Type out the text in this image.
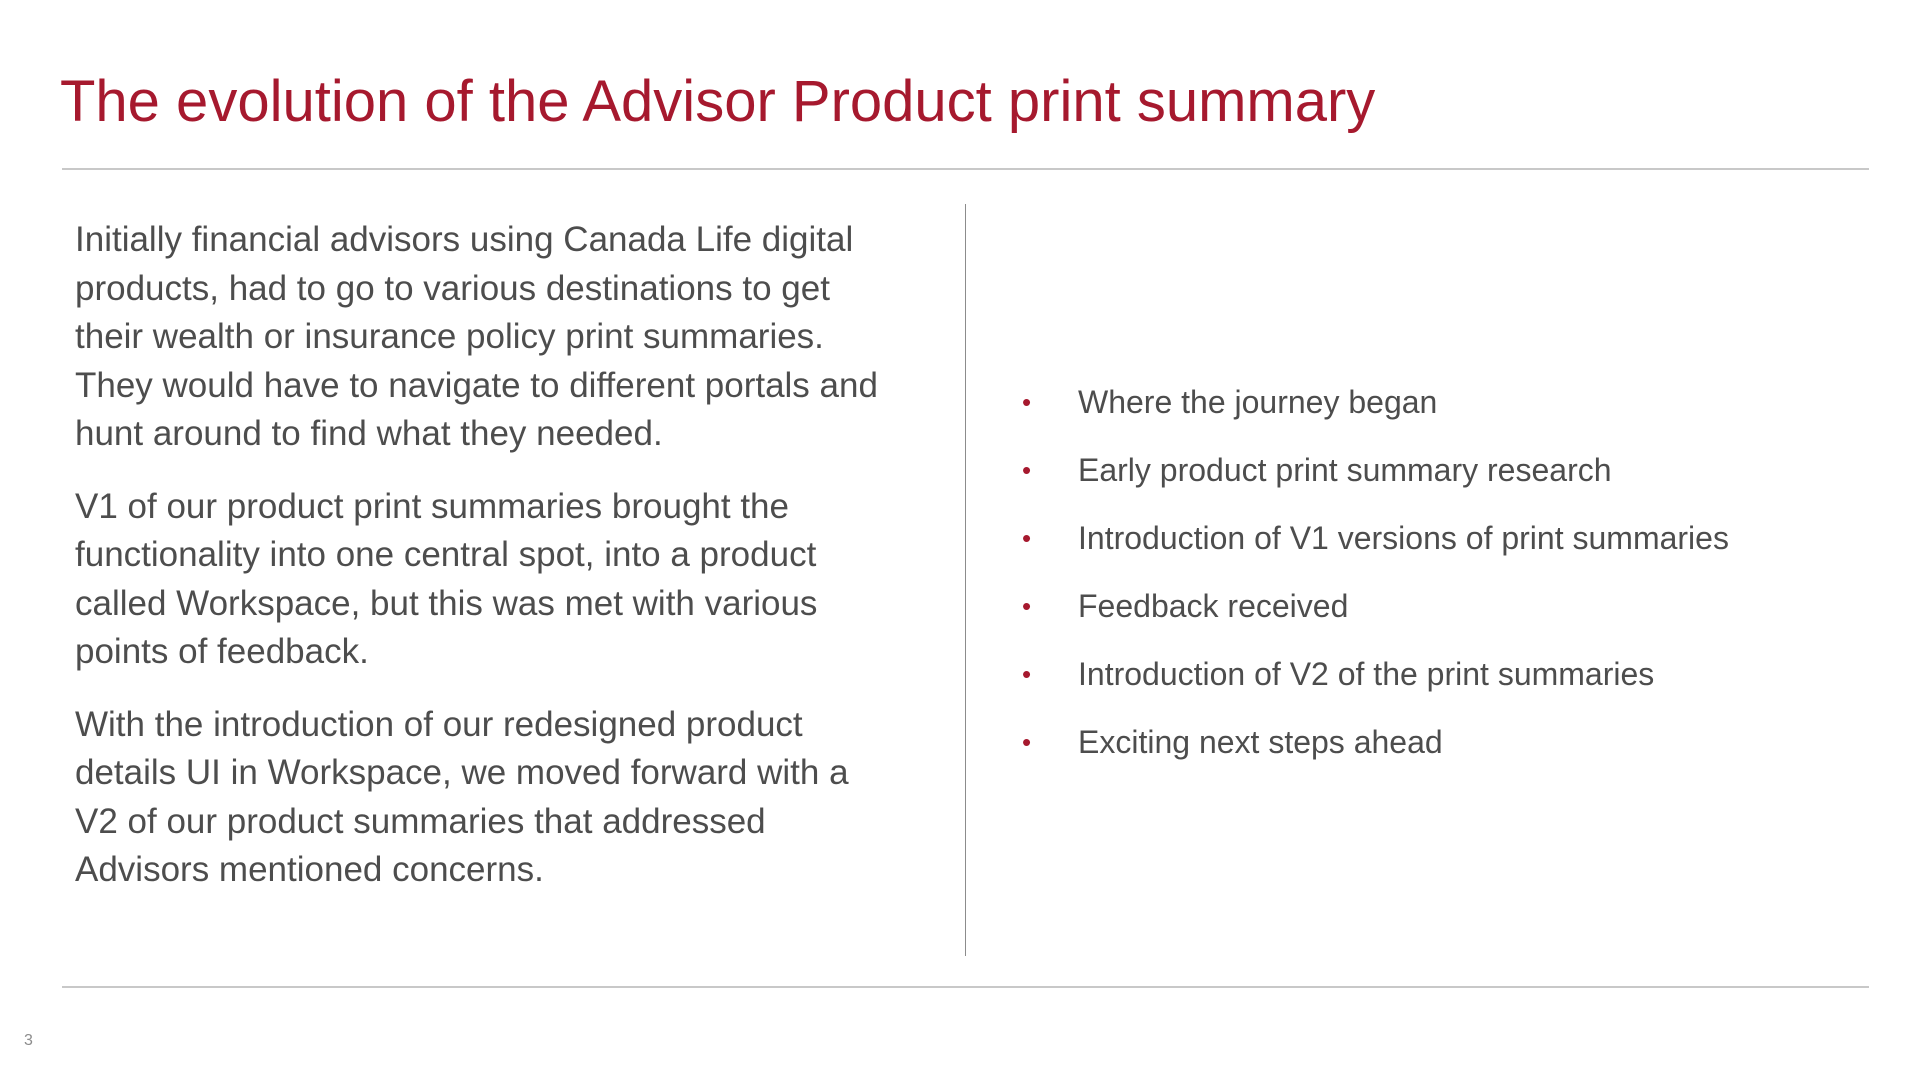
The evolution of the Advisor Product print summary

Initially financial advisors using Canada Life digital products, had to go to various destinations to get their wealth or insurance policy print summaries. They would have to navigate to different portals and hunt around to find what they needed.

V1 of our product print summaries brought the functionality into one central spot, into a product called Workspace, but this was met with various points of feedback.

With the introduction of our redesigned product details UI in Workspace, we moved forward with a V2 of our product summaries that addressed Advisors mentioned concerns.

• Where the journey began
• Early product print summary research
• Introduction of V1 versions of print summaries
• Feedback received
• Introduction of V2 of the print summaries
• Exciting next steps ahead
3
